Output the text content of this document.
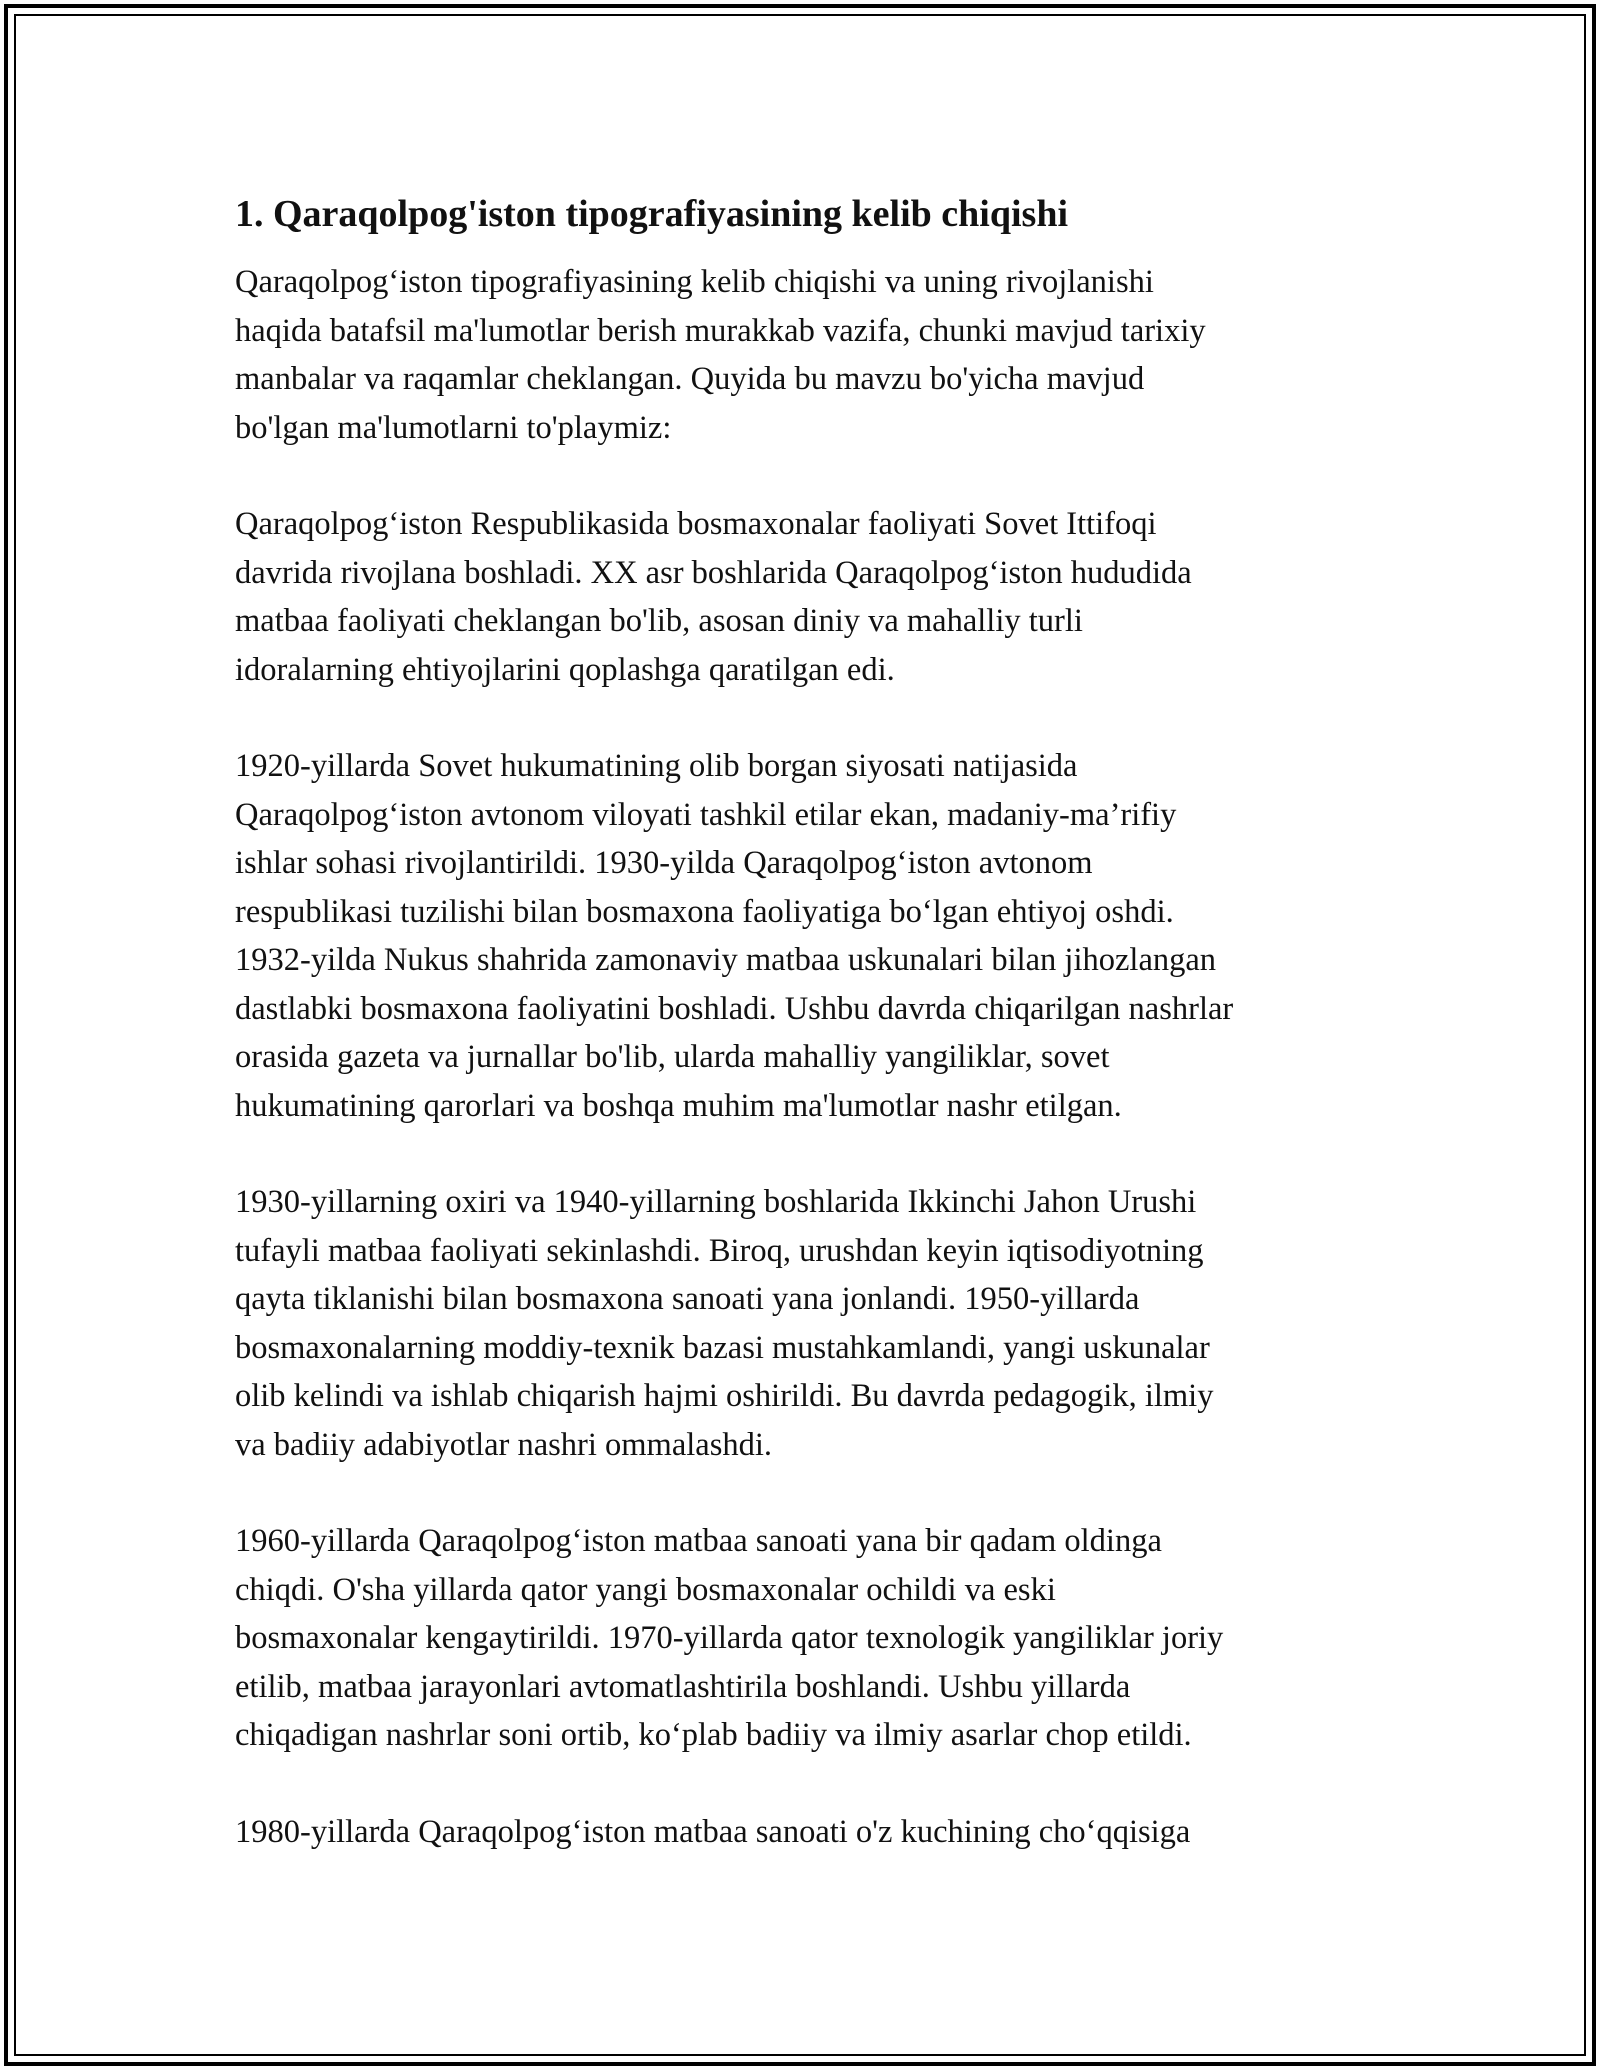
1. Qaraqolpog'iston tipografiyasining kelib chiqishi
Qaraqolpog‘iston tipografiyasining kelib chiqishi va uning rivojlanishi
haqida batafsil ma'lumotlar berish murakkab vazifa, chunki mavjud tarixiy
manbalar va raqamlar cheklangan. Quyida bu mavzu bo'yicha mavjud
bo'lgan ma'lumotlarni to'playmiz:
Qaraqolpog‘iston Respublikasida bosmaxonalar faoliyati Sovet Ittifoqi
davrida rivojlana boshladi. XX asr boshlarida Qaraqolpog‘iston hududida
matbaa faoliyati cheklangan bo'lib, asosan diniy va mahalliy turli
idoralarning ehtiyojlarini qoplashga qaratilgan edi.
1920-yillarda Sovet hukumatining olib borgan siyosati natijasida
Qaraqolpog‘iston avtonom viloyati tashkil etilar ekan, madaniy-ma’rifiy
ishlar sohasi rivojlantirildi. 1930-yilda Qaraqolpog‘iston avtonom
respublikasi tuzilishi bilan bosmaxona faoliyatiga bo‘lgan ehtiyoj oshdi.
1932-yilda Nukus shahrida zamonaviy matbaa uskunalari bilan jihozlangan
dastlabki bosmaxona faoliyatini boshladi. Ushbu davrda chiqarilgan nashrlar
orasida gazeta va jurnallar bo'lib, ularda mahalliy yangiliklar, sovet
hukumatining qarorlari va boshqa muhim ma'lumotlar nashr etilgan.
1930-yillarning oxiri va 1940-yillarning boshlarida Ikkinchi Jahon Urushi
tufayli matbaa faoliyati sekinlashdi. Biroq, urushdan keyin iqtisodiyotning
qayta tiklanishi bilan bosmaxona sanoati yana jonlandi. 1950-yillarda
bosmaxonalarning moddiy-texnik bazasi mustahkamlandi, yangi uskunalar
olib kelindi va ishlab chiqarish hajmi oshirildi. Bu davrda pedagogik, ilmiy
va badiiy adabiyotlar nashri ommalashdi.
1960-yillarda Qaraqolpog‘iston matbaa sanoati yana bir qadam oldinga
chiqdi. O'sha yillarda qator yangi bosmaxonalar ochildi va eski
bosmaxonalar kengaytirildi. 1970-yillarda qator texnologik yangiliklar joriy
etilib, matbaa jarayonlari avtomatlashtirila boshlandi. Ushbu yillarda
chiqadigan nashrlar soni ortib, ko‘plab badiiy va ilmiy asarlar chop etildi.
1980-yillarda Qaraqolpog‘iston matbaa sanoati o'z kuchining cho‘qqisiga
